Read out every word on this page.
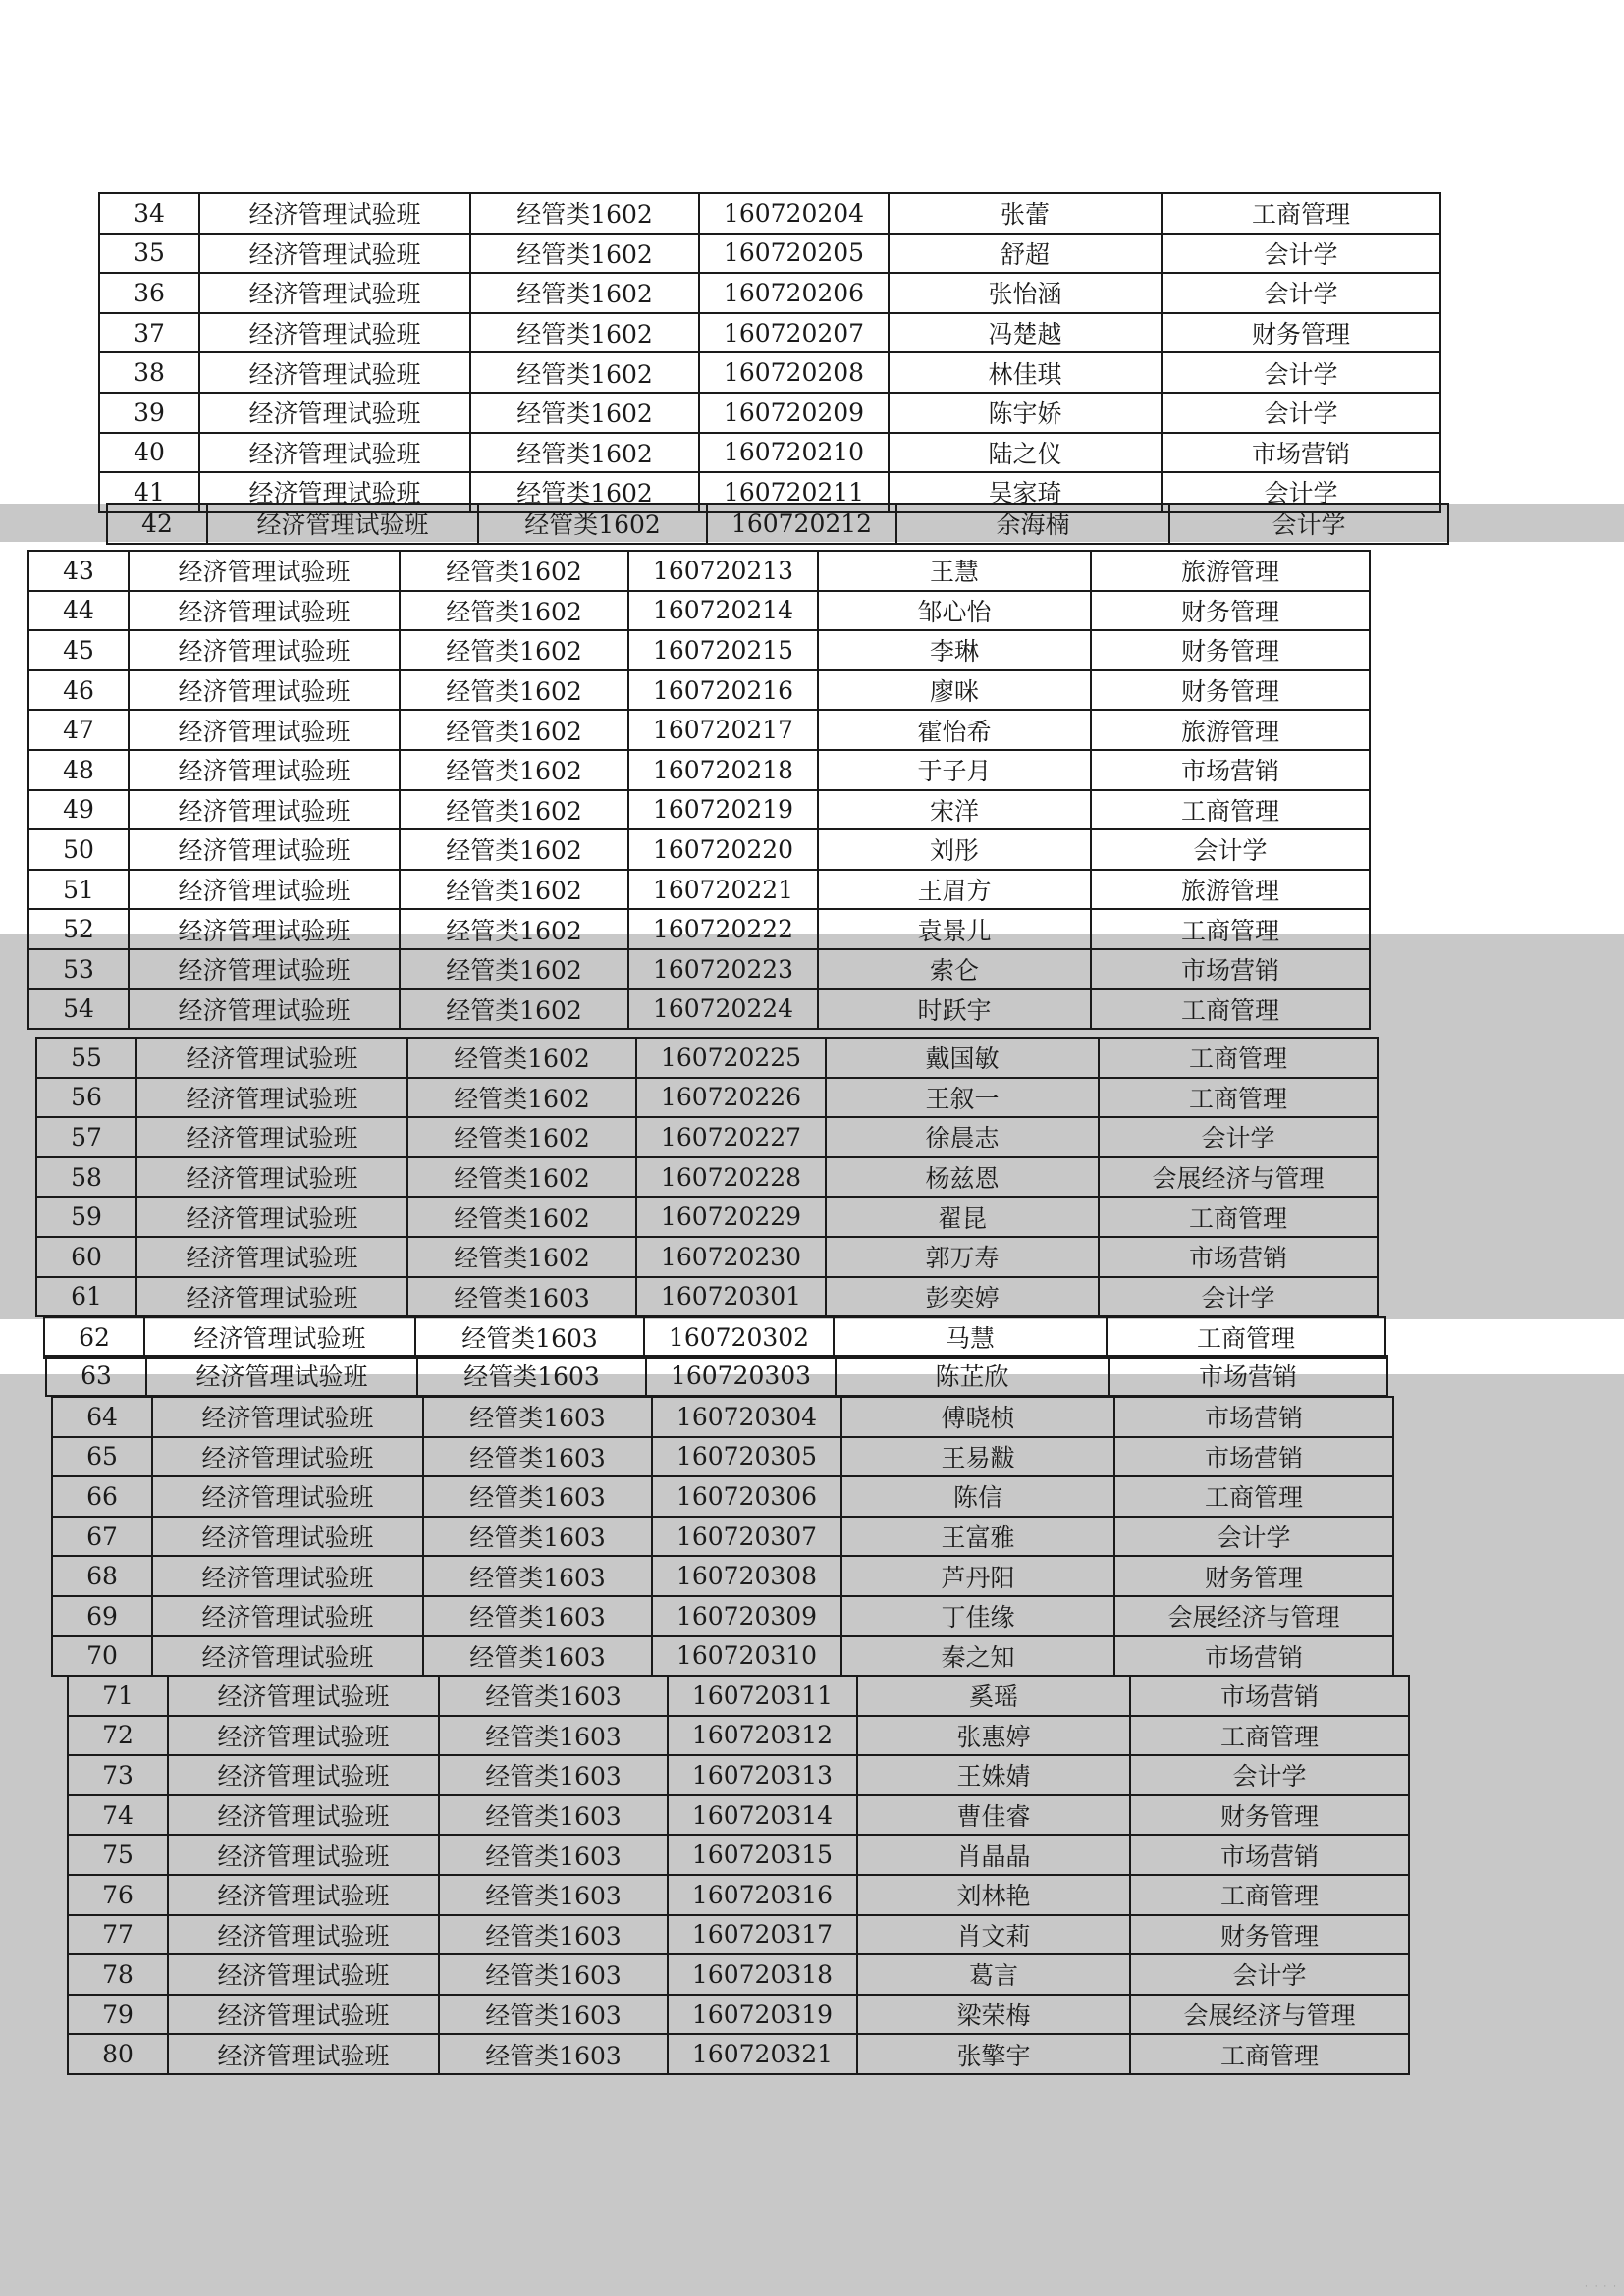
34	经济管理试验班	经管类1602	160720204	张蕾	工商管理
35	经济管理试验班	经管类1602	160720205	舒超	会计学
36	经济管理试验班	经管类1602	160720206	张怡涵	会计学
37	经济管理试验班	经管类1602	160720207	冯楚越	财务管理
38	经济管理试验班	经管类1602	160720208	林佳琪	会计学
39	经济管理试验班	经管类1602	160720209	陈宇娇	会计学
40	经济管理试验班	经管类1602	160720210	陆之仪	市场营销
41	经济管理试验班	经管类1602	160720211	吴家琦	会计学
42	经济管理试验班	经管类1602	160720212	余海楠	会计学
43	经济管理试验班	经管类1602	160720213	王慧	旅游管理
44	经济管理试验班	经管类1602	160720214	邹心怡	财务管理
45	经济管理试验班	经管类1602	160720215	李琳	财务管理
46	经济管理试验班	经管类1602	160720216	廖咪	财务管理
47	经济管理试验班	经管类1602	160720217	霍怡希	旅游管理
48	经济管理试验班	经管类1602	160720218	于子月	市场营销
49	经济管理试验班	经管类1602	160720219	宋洋	工商管理
50	经济管理试验班	经管类1602	160720220	刘彤	会计学
51	经济管理试验班	经管类1602	160720221	王眉方	旅游管理
52	经济管理试验班	经管类1602	160720222	袁景儿	工商管理
53	经济管理试验班	经管类1602	160720223	索仑	市场营销
54	经济管理试验班	经管类1602	160720224	时跃宇	工商管理
55	经济管理试验班	经管类1602	160720225	戴国敏	工商管理
56	经济管理试验班	经管类1602	160720226	王叙一	工商管理
57	经济管理试验班	经管类1602	160720227	徐晨志	会计学
58	经济管理试验班	经管类1602	160720228	杨兹恩	会展经济与管理
59	经济管理试验班	经管类1602	160720229	翟昆	工商管理
60	经济管理试验班	经管类1602	160720230	郭万寿	市场营销
61	经济管理试验班	经管类1603	160720301	彭奕婷	会计学
62	经济管理试验班	经管类1603	160720302	马慧	工商管理
63	经济管理试验班	经管类1603	160720303	陈芷欣	市场营销
64	经济管理试验班	经管类1603	160720304	傅晓桢	市场营销
65	经济管理试验班	经管类1603	160720305	王易黻	市场营销
66	经济管理试验班	经管类1603	160720306	陈信	工商管理
67	经济管理试验班	经管类1603	160720307	王富雅	会计学
68	经济管理试验班	经管类1603	160720308	芦丹阳	财务管理
69	经济管理试验班	经管类1603	160720309	丁佳缘	会展经济与管理
70	经济管理试验班	经管类1603	160720310	秦之知	市场营销
71	经济管理试验班	经管类1603	160720311	奚瑶	市场营销
72	经济管理试验班	经管类1603	160720312	张惠婷	工商管理
73	经济管理试验班	经管类1603	160720313	王姝婧	会计学
74	经济管理试验班	经管类1603	160720314	曹佳睿	财务管理
75	经济管理试验班	经管类1603	160720315	肖晶晶	市场营销
76	经济管理试验班	经管类1603	160720316	刘林艳	工商管理
77	经济管理试验班	经管类1603	160720317	肖文莉	财务管理
78	经济管理试验班	经管类1603	160720318	葛言	会计学
79	经济管理试验班	经管类1603	160720319	梁荣梅	会展经济与管理
80	经济管理试验班	经管类1603	160720321	张擎宇	工商管理
· · · ·
